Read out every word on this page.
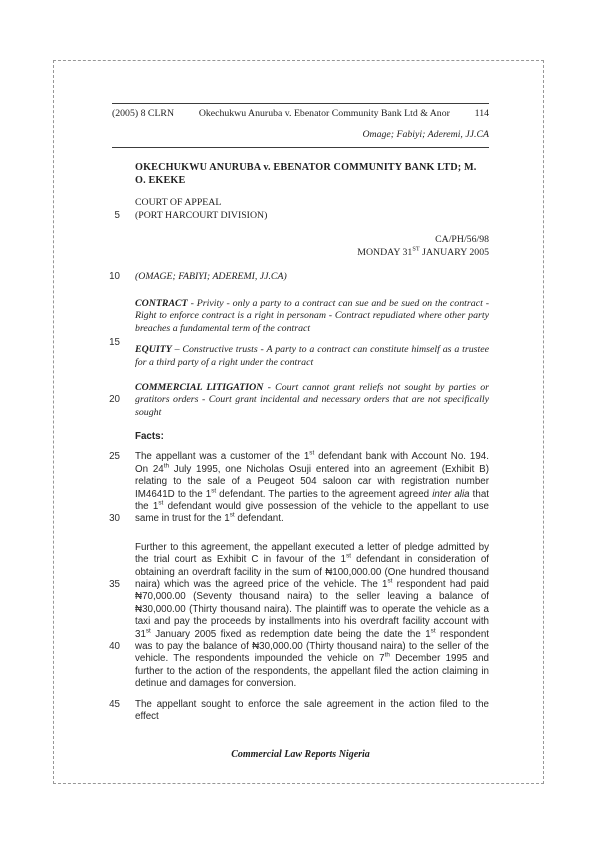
(2005) 8 CLRN	Okechukwu Anuruba v. Ebenator Community Bank Ltd & Anor	114
Omage; Fabiyi; Aderemi, JJ.CA
OKECHUKWU ANURUBA v. EBENATOR COMMUNITY BANK LTD; M. O. EKEKE
5
COURT OF APPEAL
(PORT HARCOURT DIVISION)
CA/PH/56/98
MONDAY 31ST JANUARY 2005
10 (OMAGE; FABIYI; ADEREMI, JJ.CA)

15
CONTRACT - Privity - only a party to a contract can sue and be sued on the contract - Right to enforce contract is a right in personam - Contract repudiated where other party breaches a fundamental term of the contract

EQUITY – Constructive trusts - A party to a contract can constitute himself as a trustee for a third party of a right under the contract

20
COMMERCIAL LITIGATION - Court cannot grant reliefs not sought by parties or gratitors orders - Court grant incidental and necessary orders that are not specifically sought

Facts:

25
30
The appellant was a customer of the 1st defendant bank with Account No. 194. On 24th July 1995, one Nicholas Osuji entered into an agreement (Exhibit B) relating to the sale of a Peugeot 504 saloon car with registration number IM4641D to the 1st defendant. The parties to the agreement agreed inter alia that the 1st defendant would give possession of the vehicle to the appellant to use same in trust for the 1st defendant.

35
40
Further to this agreement, the appellant executed a letter of pledge admitted by the trial court as Exhibit C in favour of the 1st defendant in consideration of obtaining an overdraft facility in the sum of ₦100,000.00 (One hundred thousand naira) which was the agreed price of the vehicle. The 1st respondent had paid ₦70,000.00 (Seventy thousand naira) to the seller leaving a balance of ₦30,000.00 (Thirty thousand naira). The plaintiff was to operate the vehicle as a taxi and pay the proceeds by installments into his overdraft facility account with 31st January 2005 fixed as redemption date being the date the 1st respondent was to pay the balance of ₦30,000.00 (Thirty thousand naira) to the seller of the vehicle. The respondents impounded the vehicle on 7th December 1995 and further to the action of the respondents, the appellant filed the action claiming in detinue and damages for conversion.

45 The appellant sought to enforce the sale agreement in the action filed to the effect

Commercial Law Reports Nigeria
